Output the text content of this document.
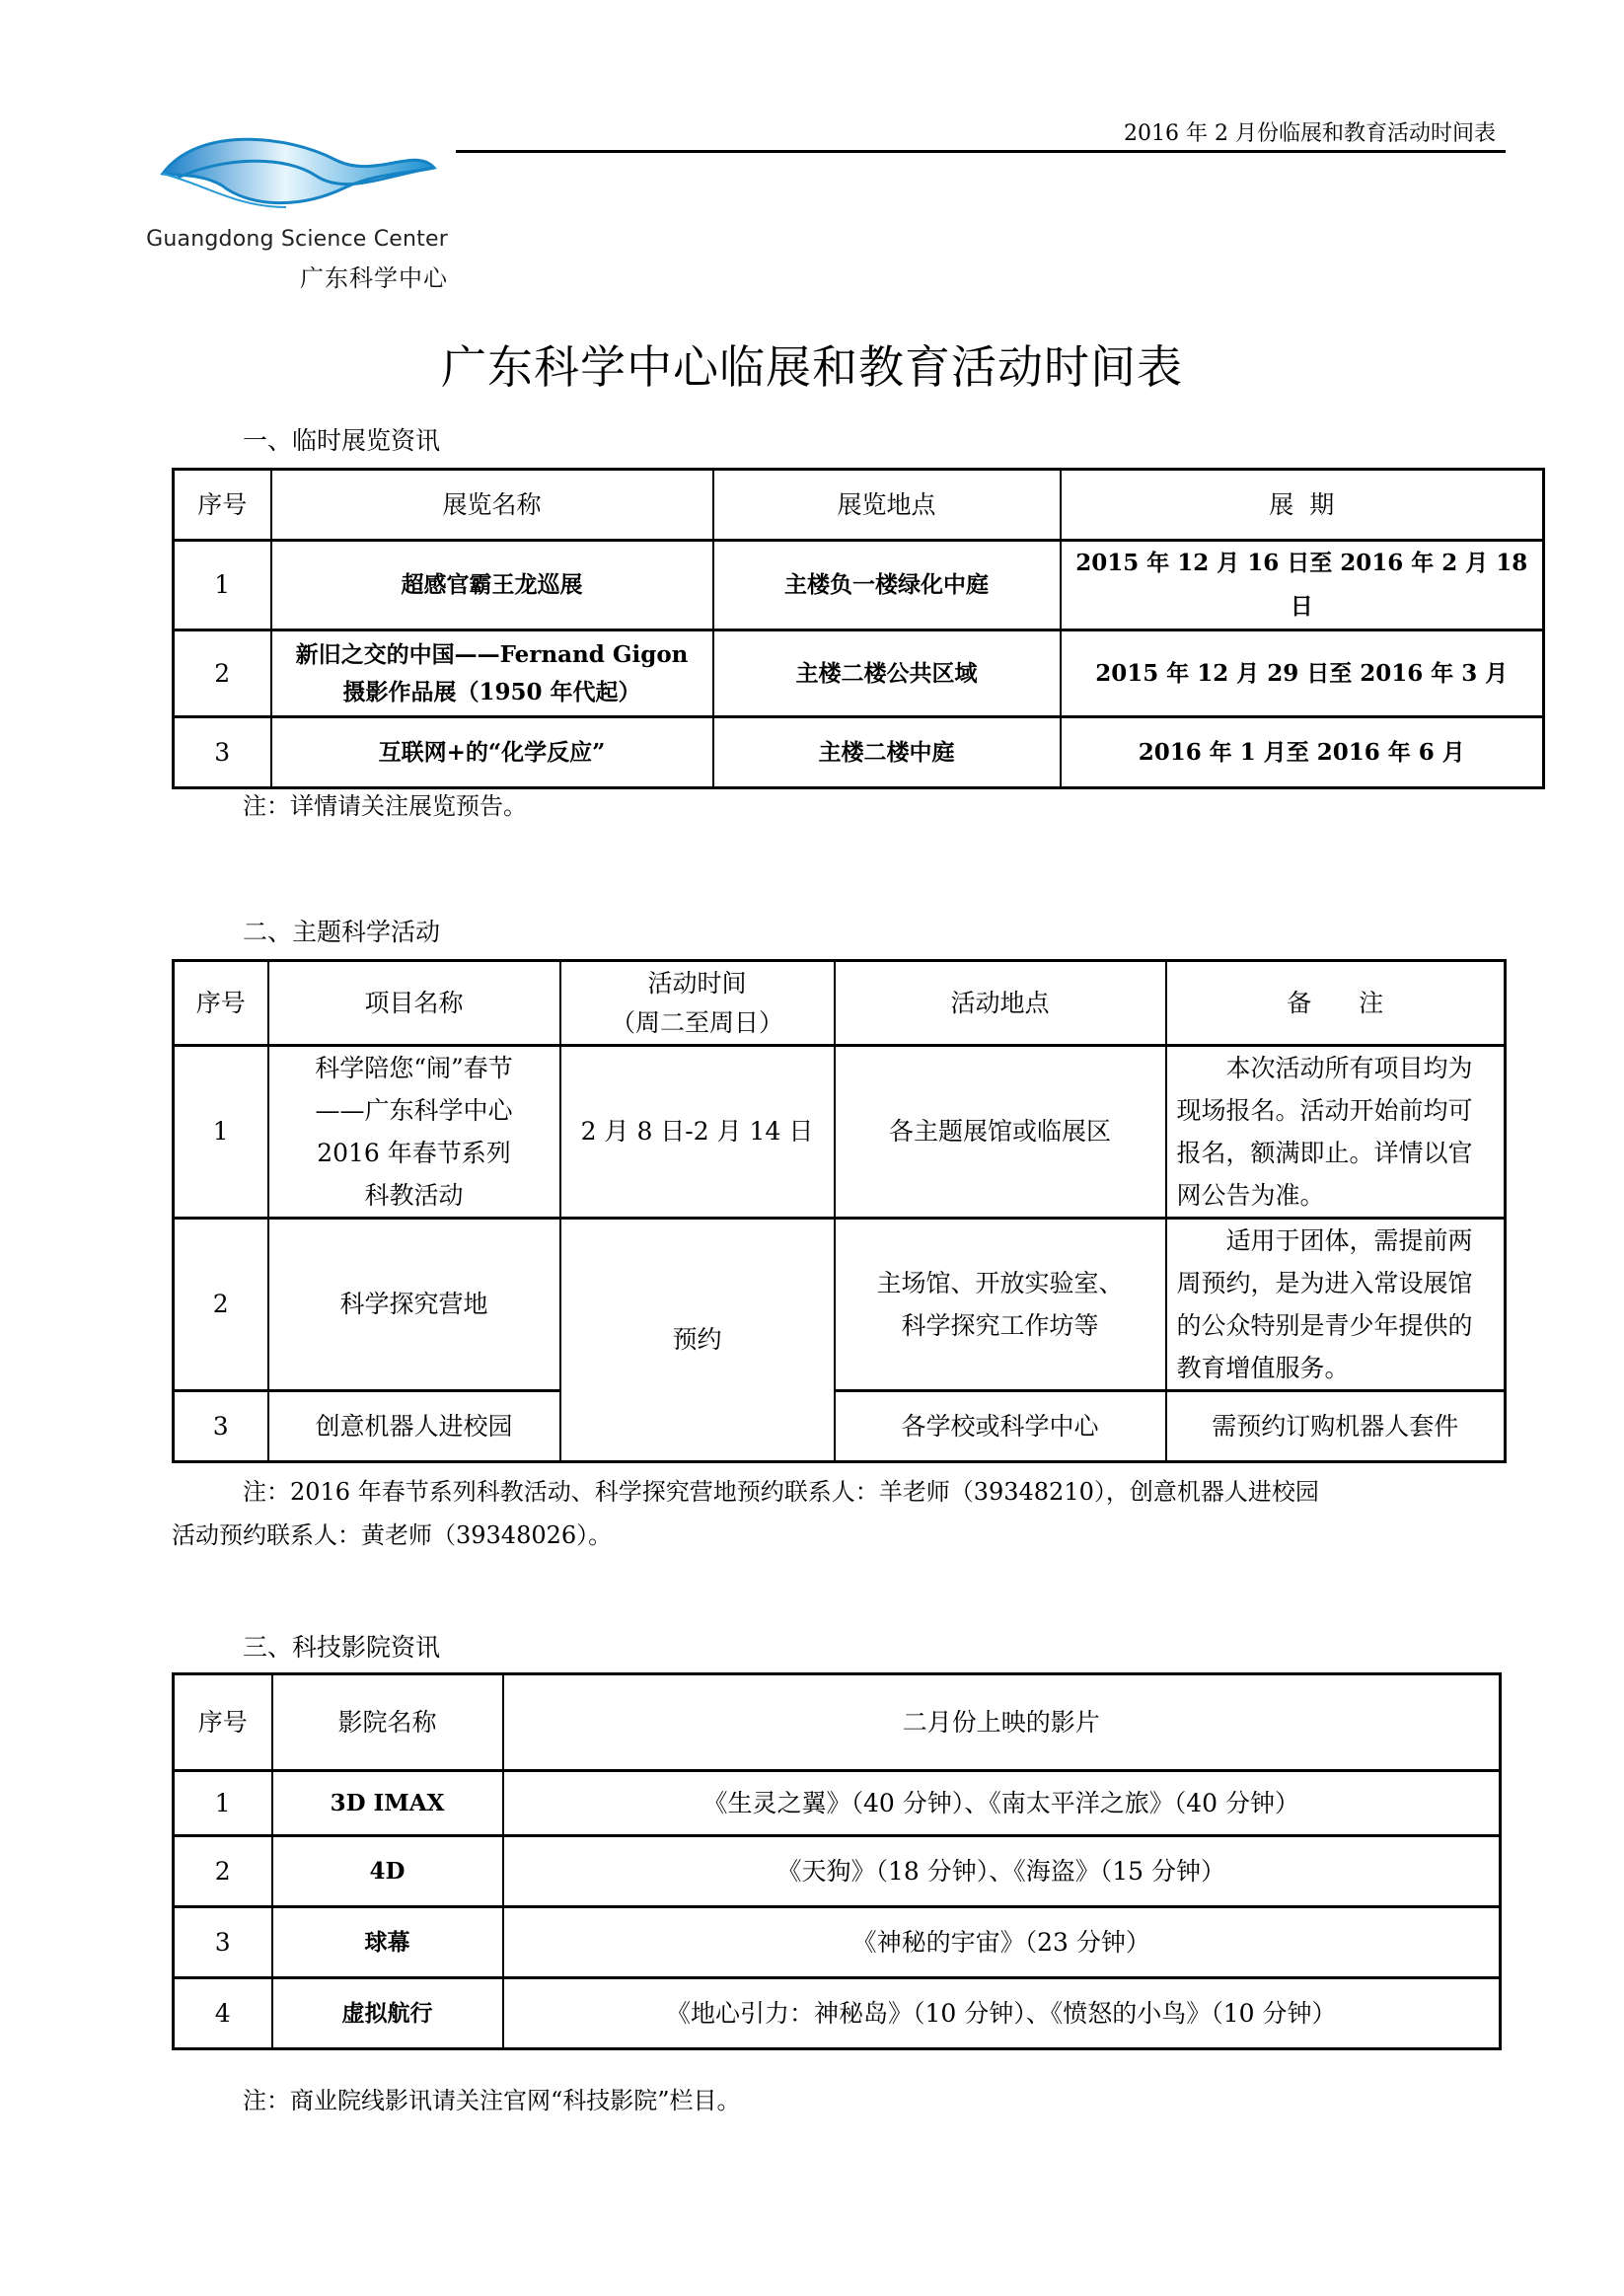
Guangdong Science Center
广东科学中心
2016 年 2 月份临展和教育活动时间表
广东科学中心临展和教育活动时间表
一、临时展览资讯
序号	展览名称	展览地点	展  期
1	超感官霸王龙巡展	主楼负一楼绿化中庭	2015 年 12 月 16 日至 2016 年 2 月 18 日
2	新旧之交的中国——Fernand Gigon
摄影作品展（1950 年代起）	主楼二楼公共区域	2015 年 12 月 29 日至 2016 年 3 月
3	互联网+的“化学反应”	主楼二楼中庭	2016 年 1 月至 2016 年 6 月
注：详情请关注展览预告。
二、主题科学活动
序号	项目名称	活动时间
（周二至周日）	活动地点	备      注
1	科学陪您“闹”春节
——广东科学中心
2016 年春节系列
科教活动	2 月 8 日-2 月 14 日	各主题展馆或临展区	本次活动所有项目均为现场报名。活动开始前均可报名，额满即止。详情以官网公告为准。
2	科学探究营地	预约	主场馆、开放实验室、
科学探究工作坊等	适用于团体，需提前两周预约，是为进入常设展馆的公众特别是青少年提供的教育增值服务。
3	创意机器人进校园		各学校或科学中心	需预约订购机器人套件
注：2016 年春节系列科教活动、科学探究营地预约联系人：羊老师（39348210），创意机器人进校园
活动预约联系人：黄老师（39348026）。
三、科技影院资讯
序号	影院名称	二月份上映的影片
1	3D IMAX	《生灵之翼》（40 分钟）、《南太平洋之旅》（40 分钟）
2	4D	《天狗》（18 分钟）、《海盗》（15 分钟）
3	球幕	《神秘的宇宙》（23 分钟）
4	虚拟航行	《地心引力：神秘岛》（10 分钟）、《愤怒的小鸟》（10 分钟）
注：商业院线影讯请关注官网“科技影院”栏目。
